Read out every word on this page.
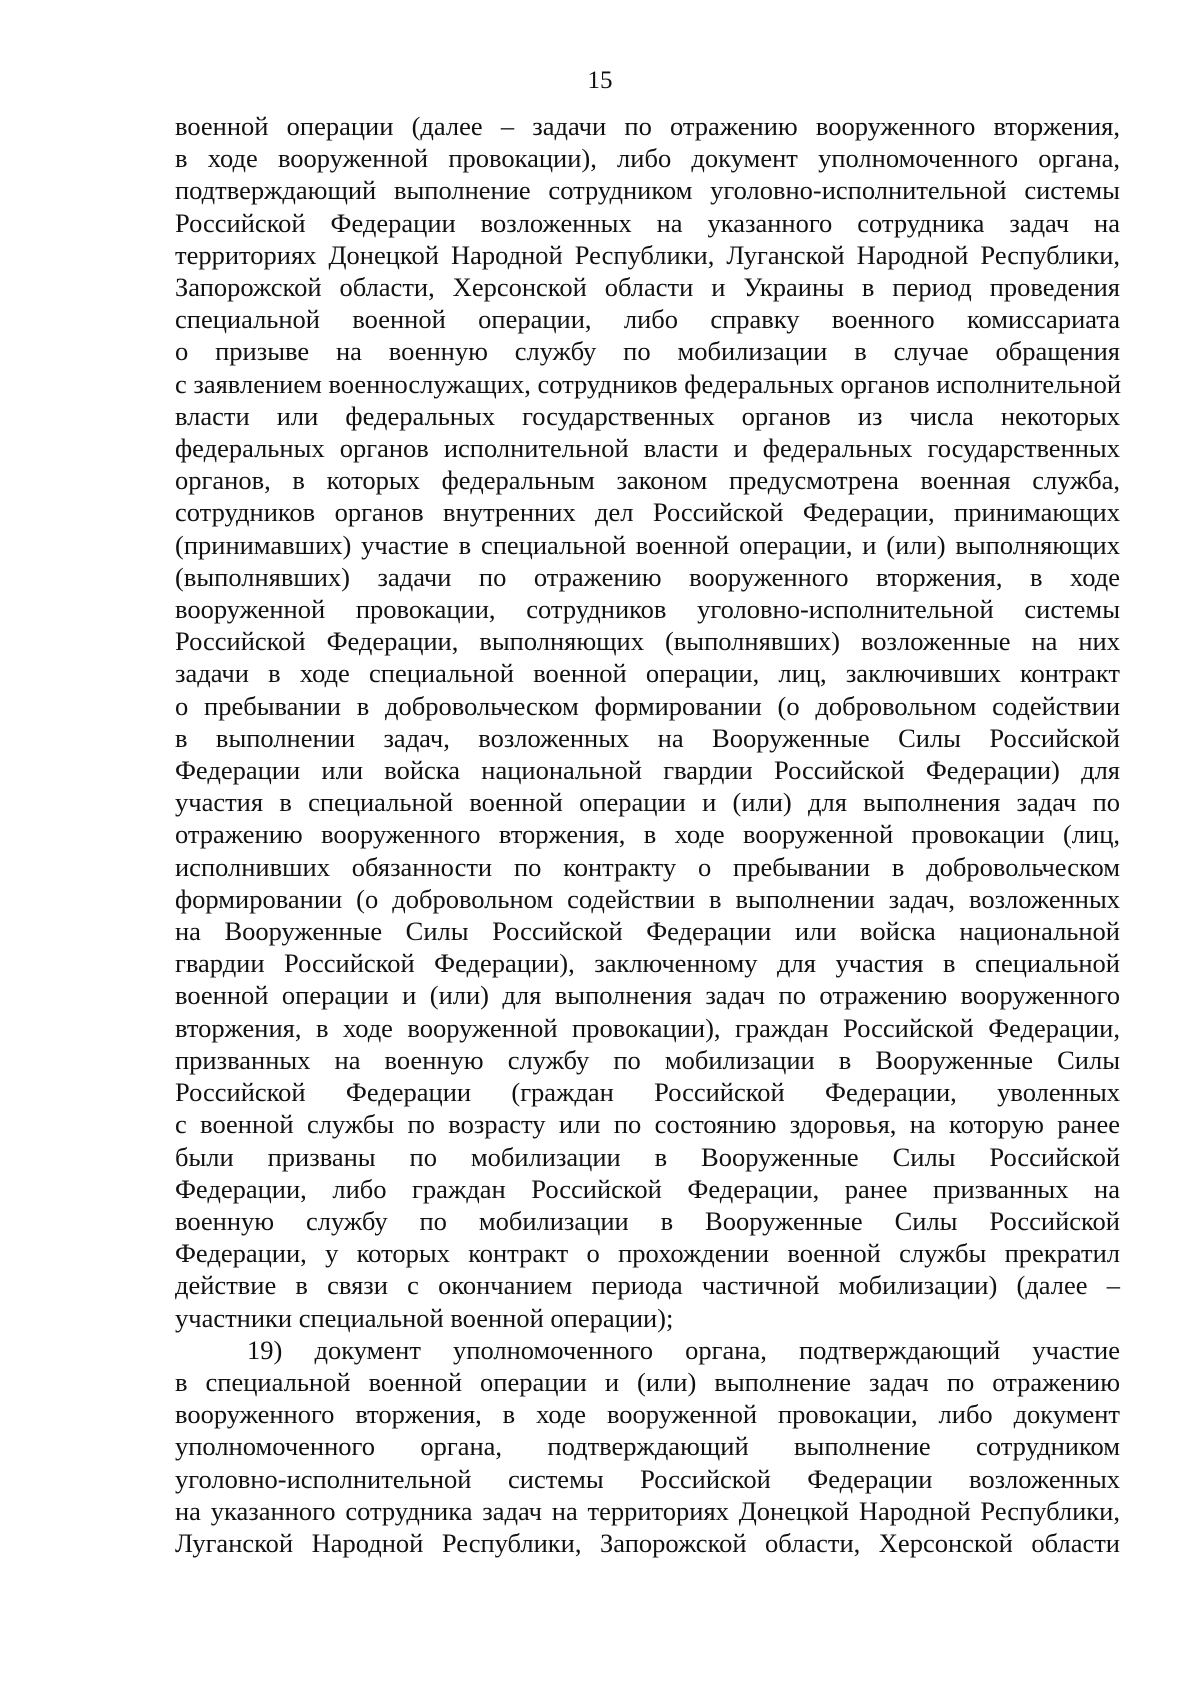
15
военной операции (далее – задачи по отражению вооруженного вторжения,
в ходе вооруженной провокации), либо документ уполномоченного органа,
подтверждающий выполнение сотрудником уголовно-исполнительной системы
Российской Федерации возложенных на указанного сотрудника задач на
территориях Донецкой Народной Республики, Луганской Народной Республики,
Запорожской области, Херсонской области и Украины в период проведения
специальной военной операции, либо справку военного комиссариата
о призыве на военную службу по мобилизации в случае обращения
с заявлением военнослужащих, сотрудников федеральных органов исполнительной
власти или федеральных государственных органов из числа некоторых
федеральных органов исполнительной власти и федеральных государственных
органов, в которых федеральным законом предусмотрена военная служба,
сотрудников органов внутренних дел Российской Федерации, принимающих
(принимавших) участие в специальной военной операции, и (или) выполняющих
(выполнявших) задачи по отражению вооруженного вторжения, в ходе
вооруженной провокации, сотрудников уголовно-исполнительной системы
Российской Федерации, выполняющих (выполнявших) возложенные на них
задачи в ходе специальной военной операции, лиц, заключивших контракт
о пребывании в добровольческом формировании (о добровольном содействии
в выполнении задач, возложенных на Вооруженные Силы Российской
Федерации или войска национальной гвардии Российской Федерации) для
участия в специальной военной операции и (или) для выполнения задач по
отражению вооруженного вторжения, в ходе вооруженной провокации (лиц,
исполнивших обязанности по контракту о пребывании в добровольческом
формировании (о добровольном содействии в выполнении задач, возложенных
на Вооруженные Силы Российской Федерации или войска национальной
гвардии Российской Федерации), заключенному для участия в специальной
военной операции и (или) для выполнения задач по отражению вооруженного
вторжения, в ходе вооруженной провокации), граждан Российской Федерации,
призванных на военную службу по мобилизации в Вооруженные Силы
Российской Федерации (граждан Российской Федерации, уволенных
с военной службы по возрасту или по состоянию здоровья, на которую ранее
были призваны по мобилизации в Вооруженные Силы Российской
Федерации, либо граждан Российской Федерации, ранее призванных на
военную службу по мобилизации в Вооруженные Силы Российской
Федерации, у которых контракт о прохождении военной службы прекратил
действие в связи с окончанием периода частичной мобилизации) (далее –
участники специальной военной операции);
19) документ уполномоченного органа, подтверждающий участие
в специальной военной операции и (или) выполнение задач по отражению
вооруженного вторжения, в ходе вооруженной провокации, либо документ
уполномоченного органа, подтверждающий выполнение сотрудником
уголовно-исполнительной системы Российской Федерации возложенных
на указанного сотрудника задач на территориях Донецкой Народной Республики,
Луганской Народной Республики, Запорожской области, Херсонской области
